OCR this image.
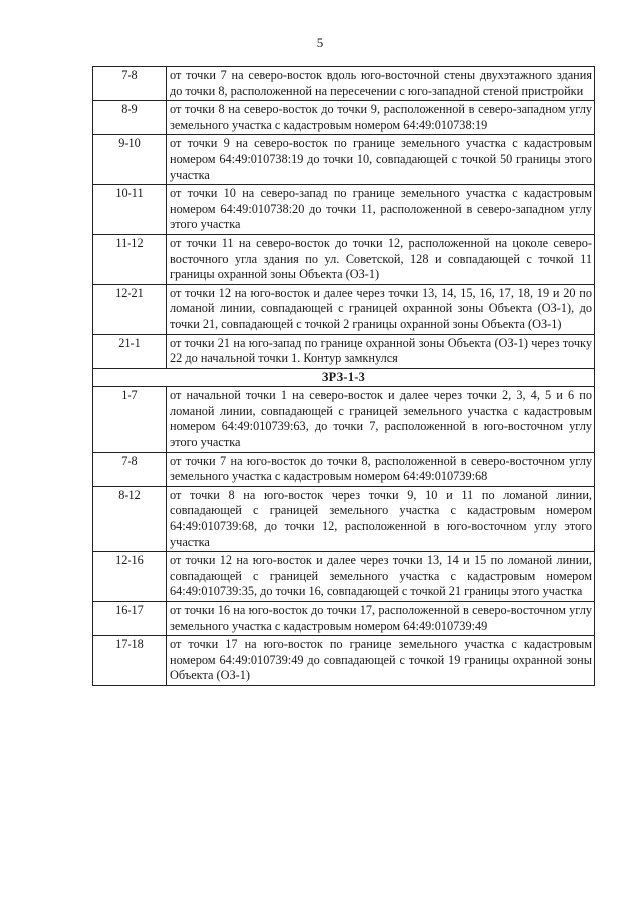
5
7-8	от точки 7 на северо-восток вдоль юго-восточной стены двухэтажного здания до точки 8, расположенной на пересечении с юго-западной стеной пристройки
8-9	от точки 8 на северо-восток до точки 9, расположенной в северо-западном углу земельного участка с кадастровым номером 64:49:010738:19
9-10	от точки 9 на северо-восток по границе земельного участка с кадастровым номером 64:49:010738:19 до точки 10, совпадающей с точкой 50 границы этого участка
10-11	от точки 10 на северо-запад по границе земельного участка с кадастровым номером 64:49:010738:20 до точки 11, расположенной в северо-западном углу этого участка
11-12	от точки 11 на северо-восток до точки 12, расположенной на цоколе северо-восточного угла здания по ул. Советской, 128 и совпадающей с точкой 11 границы охранной зоны Объекта (ОЗ-1)
12-21	от точки 12 на юго-восток и далее через точки 13, 14, 15, 16, 17, 18, 19 и 20 по ломаной линии, совпадающей с границей охранной зоны Объекта (ОЗ-1), до точки 21, совпадающей с точкой 2 границы охранной зоны Объекта (ОЗ-1)
21-1	от точки 21 на юго-запад по границе охранной зоны Объекта (ОЗ-1) через точку 22 до начальной точки 1. Контур замкнулся
ЗРЗ-1-3	
1-7	от начальной точки 1 на северо-восток и далее через точки 2, 3, 4, 5 и 6 по ломаной линии, совпадающей с границей земельного участка с кадастровым номером 64:49:010739:63, до точки 7, расположенной в юго-восточном углу этого участка
7-8	от точки 7 на юго-восток до точки 8, расположенной в северо-восточном углу земельного участка с кадастровым номером 64:49:010739:68
8-12	от точки 8 на юго-восток через точки 9, 10 и 11 по ломаной линии, совпадающей с границей земельного участка с кадастровым номером 64:49:010739:68, до точки 12, расположенной в юго-восточном углу этого участка
12-16	от точки 12 на юго-восток и далее через точки 13, 14 и 15 по ломаной линии, совпадающей с границей земельного участка с кадастровым номером 64:49:010739:35, до точки 16, совпадающей с точкой 21 границы этого участка
16-17	от точки 16 на юго-восток до точки 17, расположенной в северо-восточном углу земельного участка с кадастровым номером 64:49:010739:49
17-18	от точки 17 на юго-восток по границе земельного участка с кадастровым номером 64:49:010739:49 до совпадающей с точкой 19 границы охранной зоны Объекта (ОЗ-1)
